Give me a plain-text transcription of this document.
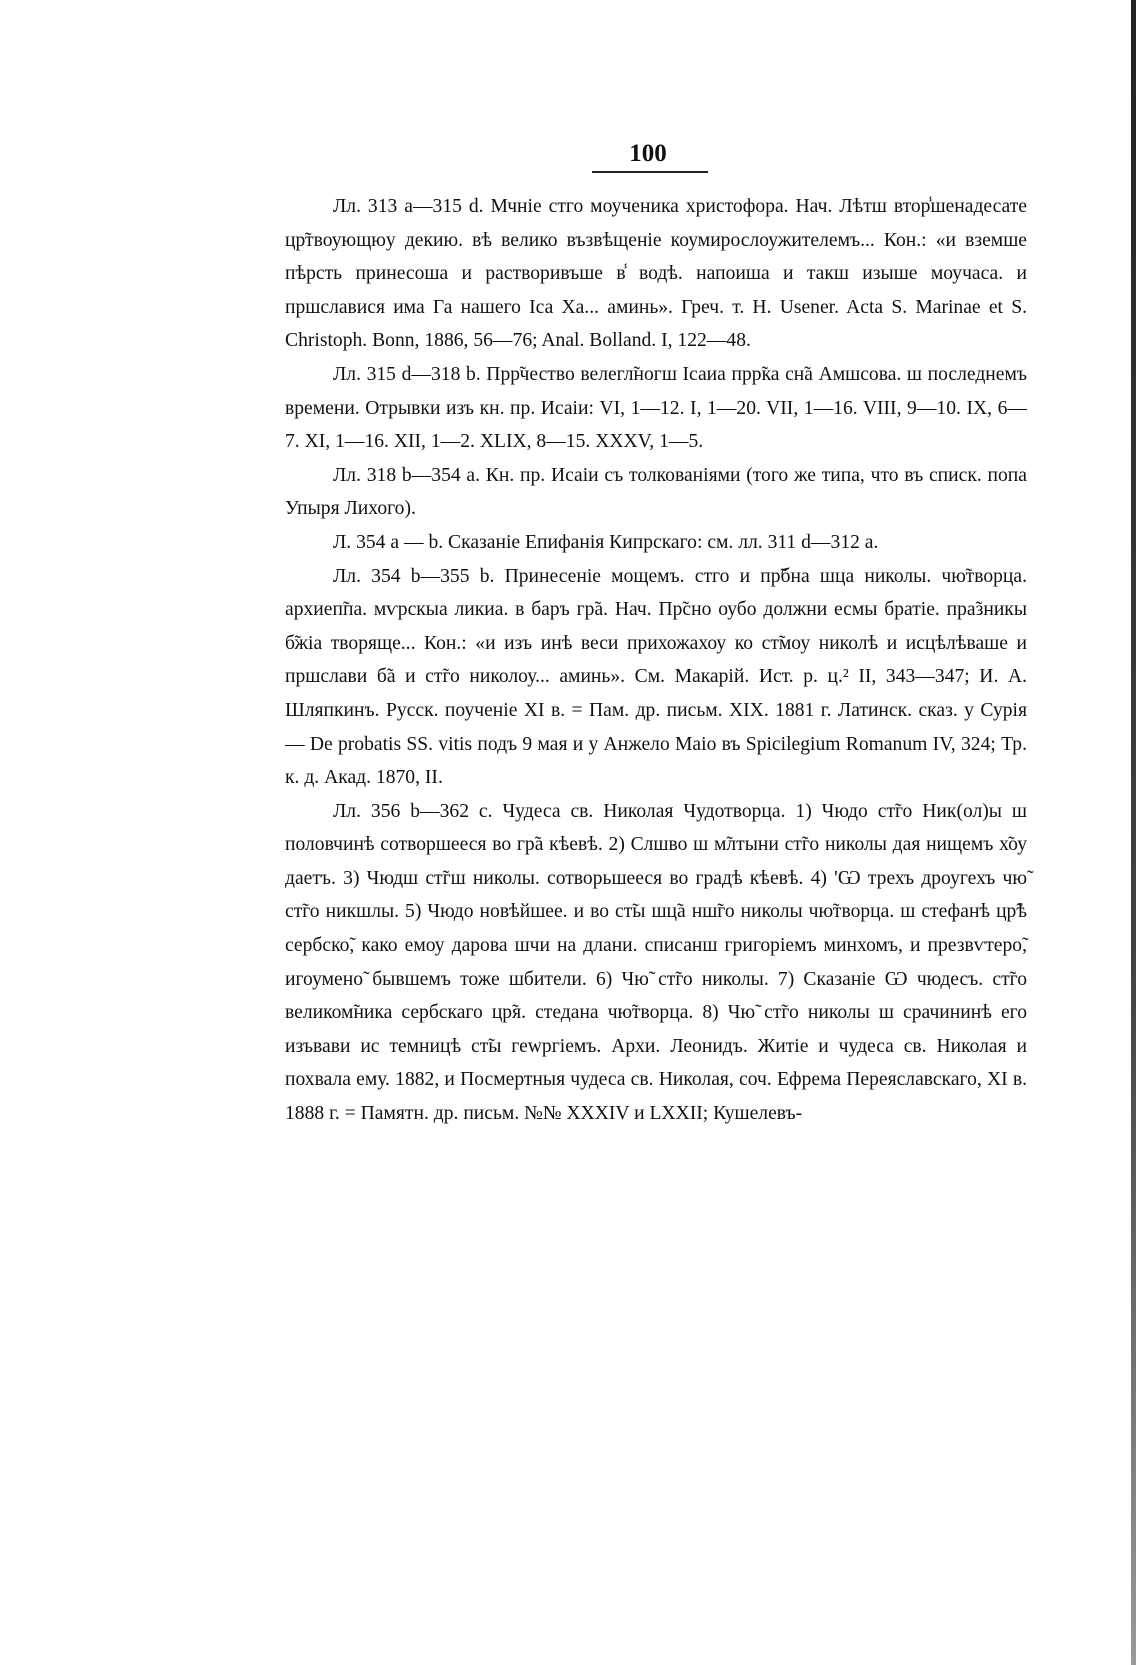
100

Лл. 313 а—315 d. Мчніе стго моученика христофора. Нач. Лѣтш втор̾шенадесате цр̃твоующюу декию. вѣ велико възвѣщеніе коумирослоужителемъ... Кон.: «и вземше пѣрсть принесоша и растворивъше в̾ водѣ. напоиша и такш изыше моучаса. и пршславися има Га нашего Іса Ха... аминь». Греч. т. Н. Usener. Acta S. Marinae et S. Christoph. Bonn, 1886, 56—76; Anal. Bolland. I, 122—48.

Лл. 315 d—318 b. Прр̃чество велегл̃ногш Ісаиа прр̃ка сн̃а Амшсова. ш последнемъ времени. Отрывки изъ кн. пр. Исаiи: VI, 1—12. I, 1—20. VII, 1—16. VIII, 9—10. IX, 6—7. XI, 1—16. XII, 1—2. XLIX, 8—15. XXXV, 1—5.

Лл. 318 b—354 а. Кн. пр. Исаiи съ толкованіями (того же типа, что въ списк. попа Упыря Лихого).

Л. 354 a — b. Сказаніе Епифанія Кипрскаго: см. лл. 311 d—312 а.

Лл. 354 b—355 b. Принесеніе мощемъ. стго и пр̃бна шца николы. чю̃творца. архиеп̃па. мѵрскыа ликиа. в баръ гр̃а. Нач. Пр̃сно оубо должни есмы братіе. пра̃зникы б̃жіа творяще... Кон.: «и изъ инѣ веси прихожахоу ко ст̃моу николѣ и исцѣлѣваше и пршслави б̃а и ст̃го николоу... аминь». См. Макарiй. Ист. р. ц.² II, 343—347; И. А. Шляпкинъ. Русск. поученіе XI в. = Пам. др. письм. XIX. 1881 г. Латинск. сказ. у Сурiя — De probatis SS. vitis подъ 9 мая и у Анжело Маiо въ Spicilegium Romanum IV, 324; Тр. к. д. Акад. 1870, II.

Лл. 356 b—362 с. Чудеса св. Николая Чудотворца. 1) Чюдо ст̃го Ник(ол)ы ш половчинѣ сотворшееся во гр̃а кѣевѣ. 2) Слшво ш м̃лтыни ст̃го николы дая нищемъ х̃оу даетъ. 3) Чюдш ст̃гш николы. сотворьшееся во градѣ кѣевѣ. 4) 'Ѡ трехъ дроугехъ чю̃ ст̃го никшлы. 5) Чюдо новѣйшее. и во ст̃ы шц̃а нш̃го николы чю̃творца. ш стефанѣ цр̃ѣ сербско̃, како емоу дарова шчи на длани. списанш григоріемъ минхомъ, и презвѵтеро̃, игоумено̃ бывшемъ тоже шбители. 6) Чю̃ ст̃го николы. 7) Сказаніе Ѡ чюдесъ. ст̃го великом̃ника сербскаго цр̃я. стедана чю̃творца. 8) Чю̃ ст̃го николы ш срачининѣ его изъвави ис темницѣ ст̃ы геwргіемъ. Архи. Леонидъ. Житiе и чудеса св. Николая и похвала ему. 1882, и Посмертныя чудеса св. Николая, соч. Ефрема Переяславскаго, XI в. 1888 г. = Памятн. др. письм. №№ XXXIV и LXXII; Кушелевъ-
